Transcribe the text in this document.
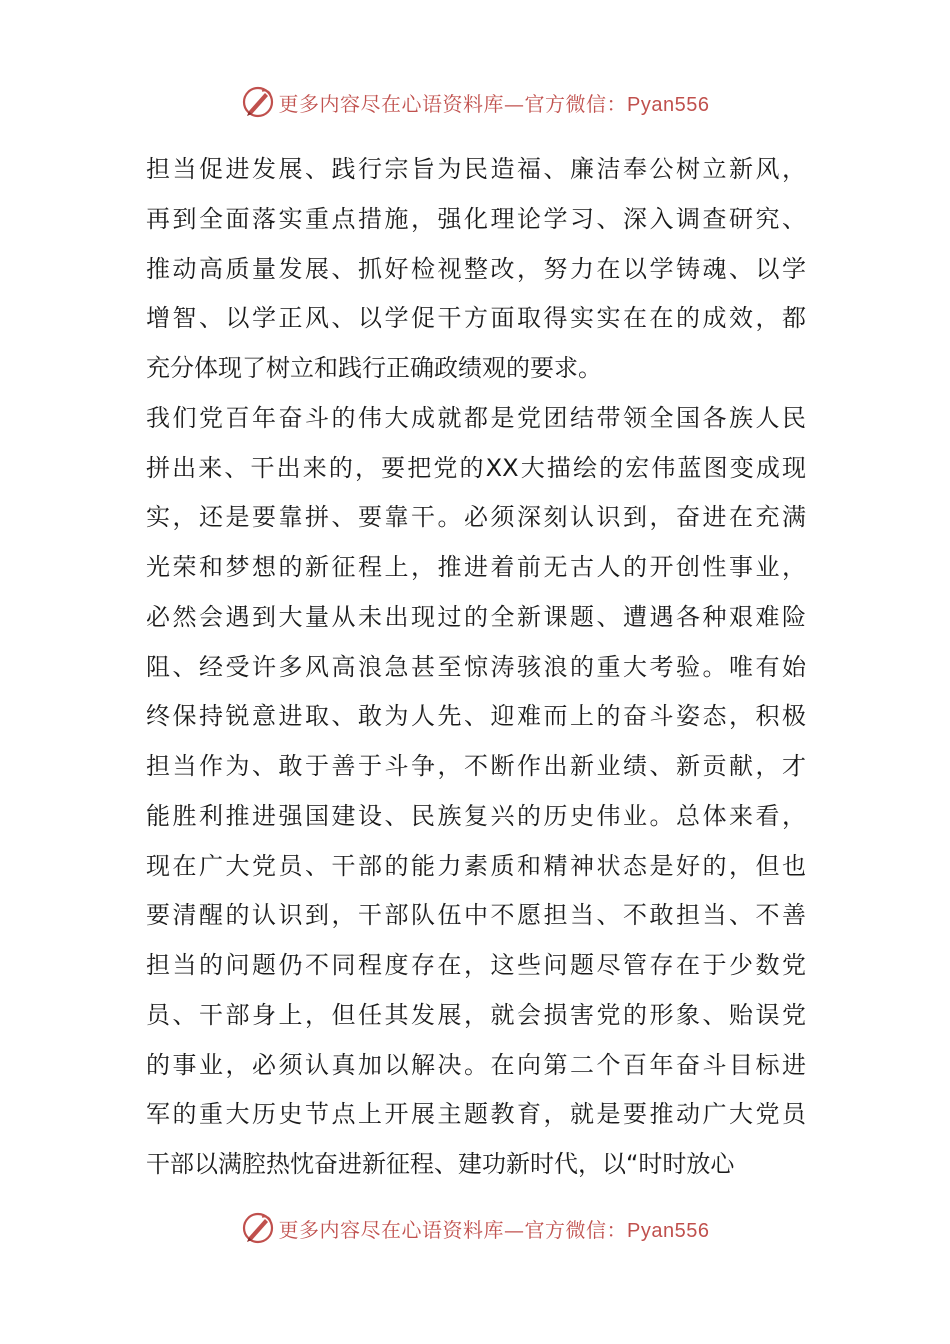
更多内容尽在心语资料库—官方微信：Pyan556
担当促进发展、践行宗旨为民造福、廉洁奉公树立新风，
再到全面落实重点措施，强化理论学习、深入调查研究、
推动高质量发展、抓好检视整改，努力在以学铸魂、以学
增智、以学正风、以学促干方面取得实实在在的成效，都
充分体现了树立和践行正确政绩观的要求。
我们党百年奋斗的伟大成就都是党团结带领全国各族人民
拼出来、干出来的，要把党的XX大描绘的宏伟蓝图变成现
实，还是要靠拼、要靠干。必须深刻认识到，奋进在充满
光荣和梦想的新征程上，推进着前无古人的开创性事业，
必然会遇到大量从未出现过的全新课题、遭遇各种艰难险
阻、经受许多风高浪急甚至惊涛骇浪的重大考验。唯有始
终保持锐意进取、敢为人先、迎难而上的奋斗姿态，积极
担当作为、敢于善于斗争，不断作出新业绩、新贡献，才
能胜利推进强国建设、民族复兴的历史伟业。总体来看，
现在广大党员、干部的能力素质和精神状态是好的，但也
要清醒的认识到，干部队伍中不愿担当、不敢担当、不善
担当的问题仍不同程度存在，这些问题尽管存在于少数党
员、干部身上，但任其发展，就会损害党的形象、贻误党
的事业，必须认真加以解决。在向第二个百年奋斗目标进
军的重大历史节点上开展主题教育，就是要推动广大党员
干部以满腔热忱奋进新征程、建功新时代，以“时时放心
更多内容尽在心语资料库—官方微信：Pyan556
